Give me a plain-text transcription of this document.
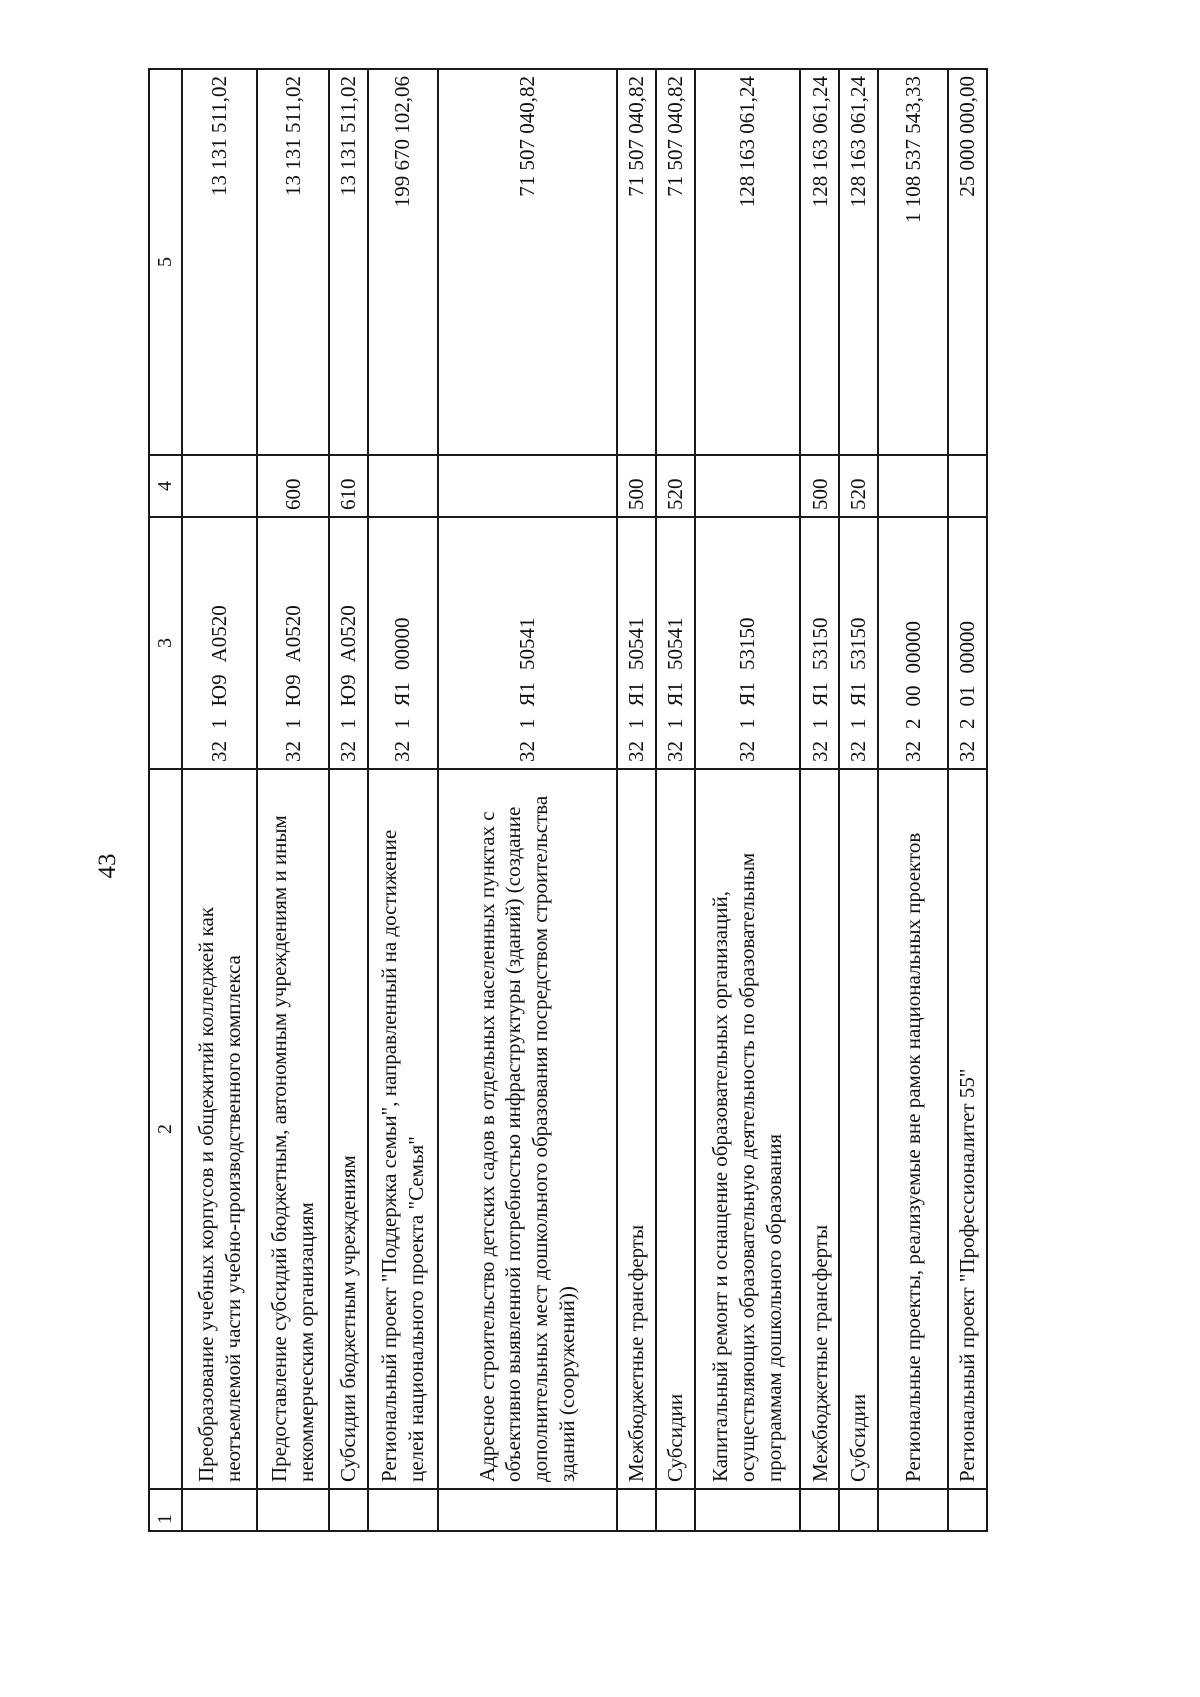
43
1	2	3	4	5
	Преобразование учебных корпусов и общежитий колледжей как неотъемлемой части учебно-производственного комплекса	321Ю9А0520		13 131 511,02
	Предоставление субсидий бюджетным, автономным учреждениям и иным некоммерческим организациям	321Ю9А0520	600	13 131 511,02
	Субсидии бюджетным учреждениям	321Ю9А0520	610	13 131 511,02
	Региональный проект "Поддержка семьи", направленный на достижение целей национального проекта "Семья"	321Я100000		199 670 102,06
	Адресное строительство детских садов в отдельных населенных пунктах с объективно выявленной потребностью инфраструктуры (зданий) (создание дополнительных мест дошкольного образования посредством строительства зданий (сооружений))	321Я150541		71 507 040,82
	Межбюджетные трансферты	321Я150541	500	71 507 040,82
	Субсидии	321Я150541	520	71 507 040,82
	Капитальный ремонт и оснащение образовательных организаций, осуществляющих образовательную деятельность по образовательным программам дошкольного образования	321Я153150		128 163 061,24
	Межбюджетные трансферты	321Я153150	500	128 163 061,24
	Субсидии	321Я153150	520	128 163 061,24
	Региональные проекты, реализуемые вне рамок национальных проектов	3220000000		1 108 537 543,33
	Региональный проект "Профессионалитет 55"	3220100000		25 000 000,00
